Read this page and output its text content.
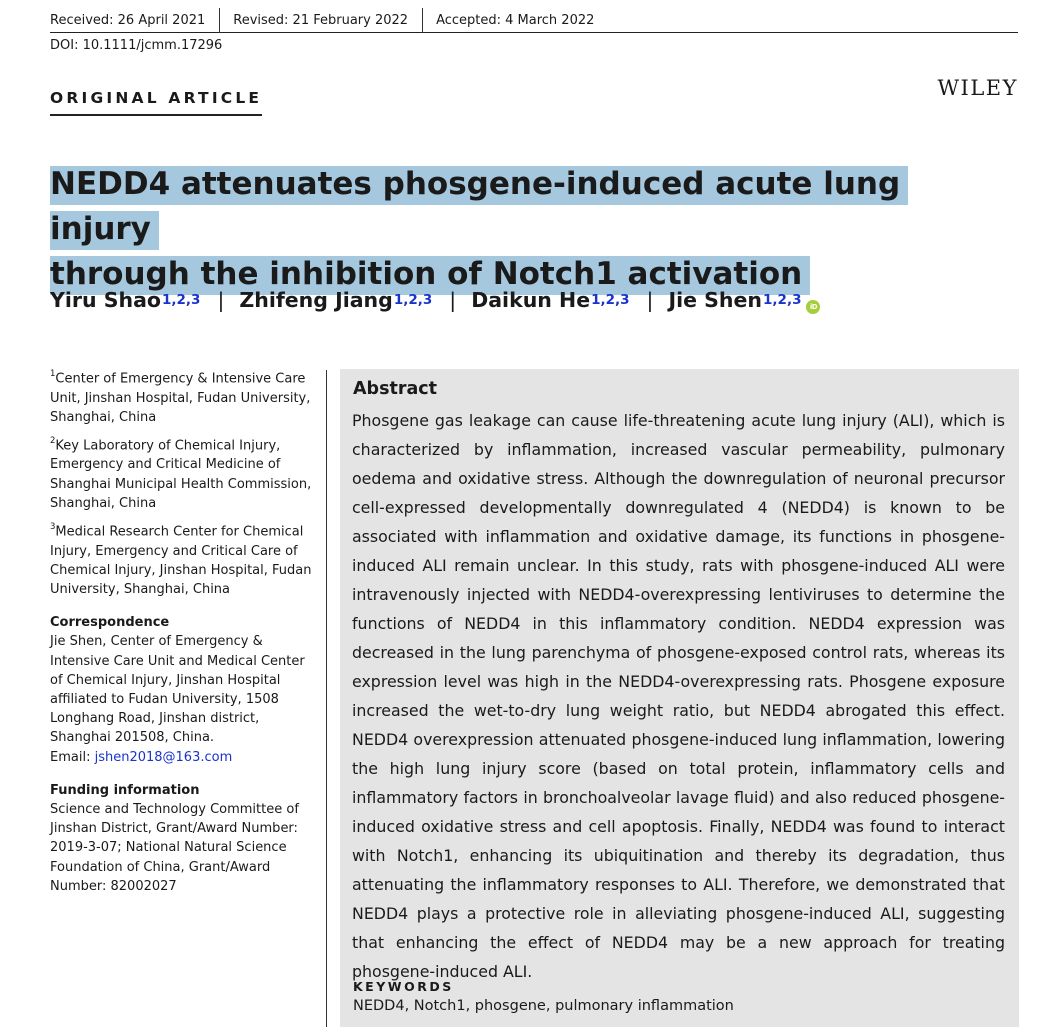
Received: 26 April 2021 Revised: 21 February 2022 Accepted: 4 March 2022
DOI: 10.1111/jcmm.17296
ORIGINAL ARTICLE	WILEY
NEDD4 attenuates phosgene-induced acute lung injury
through the inhibition of Notch1 activation
Yiru Shao$^{1,2,3}$ | Zhifeng Jiang$^{1,2,3}$ | Daikun He$^{1,2,3}$ | Jie Shen$^{1,2,3}$	iD
$^1$Center of Emergency & Intensive Care Unit, Jinshan Hospital, Fudan University, Shanghai, China
$^2$Key Laboratory of Chemical Injury, Emergency and Critical Medicine of Shanghai Municipal Health Commission, Shanghai, China
$^3$Medical Research Center for Chemical Injury, Emergency and Critical Care of Chemical Injury, Jinshan Hospital, Fudan University, Shanghai, China
Correspondence
Jie Shen, Center of Emergency & Intensive Care Unit and Medical Center of Chemical Injury, Jinshan Hospital affiliated to Fudan University, 1508 Longhang Road, Jinshan district, Shanghai 201508, China.
Email: jshen2018@163.com
Funding information
Science and Technology Committee of Jinshan District, Grant/Award Number: 2019-3-07; National Natural Science Foundation of China, Grant/Award Number: 82002027
Abstract
Phosgene gas leakage can cause life-threatening acute lung injury (ALI), which is characterized by inflammation, increased vascular permeability, pulmonary oedema and oxidative stress. Although the downregulation of neuronal precursor cell-expressed developmentally downregulated 4 (NEDD4) is known to be associated with inflammation and oxidative damage, its functions in phosgene-induced ALI remain unclear. In this study, rats with phosgene-induced ALI were intravenously injected with NEDD4-overexpressing lentiviruses to determine the functions of NEDD4 in this inflammatory condition. NEDD4 expression was decreased in the lung parenchyma of phosgene-exposed control rats, whereas its expression level was high in the NEDD4-overexpressing rats. Phosgene exposure increased the wet-to-dry lung weight ratio, but NEDD4 abrogated this effect. NEDD4 overexpression attenuated phosgene-induced lung inflammation, lowering the high lung injury score (based on total protein, inflammatory cells and inflammatory factors in bronchoalveolar lavage fluid) and also reduced phosgene-induced oxidative stress and cell apoptosis. Finally, NEDD4 was found to interact with Notch1, enhancing its ubiquitination and thereby its degradation, thus attenuating the inflammatory responses to ALI. Therefore, we demonstrated that NEDD4 plays a protective role in alleviating phosgene-induced ALI, suggesting that enhancing the effect of NEDD4 may be a new approach for treating phosgene-induced ALI.
KEYWORDS
NEDD4, Notch1, phosgene, pulmonary inflammation
